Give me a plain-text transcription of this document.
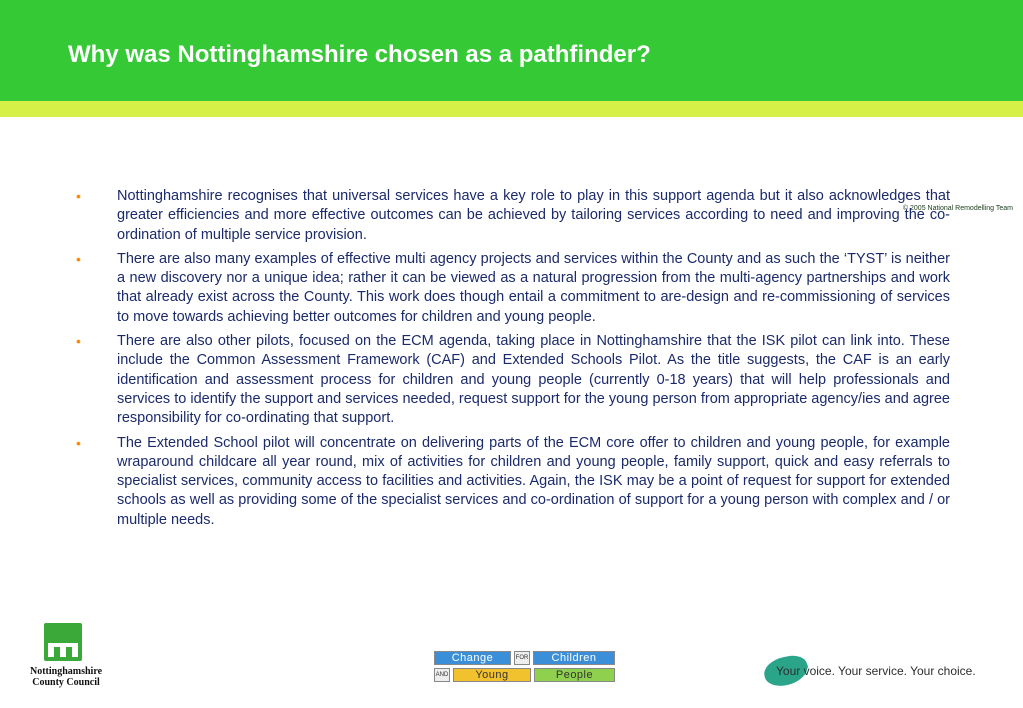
Why was Nottinghamshire chosen as a pathfinder?
© 2005 National Remodelling Team
• Nottinghamshire recognises that universal services have a key role to play in this support agenda but it also acknowledges that greater efficiencies and more effective outcomes can be achieved by tailoring services according to need and improving the co-ordination of multiple service provision.
• There are also many examples of effective multi agency projects and services within the County and as such the ‘TYST’ is neither a new discovery nor a unique idea; rather it can be viewed as a natural progression from the multi-agency partnerships and work that already exist across the County. This work does though entail a commitment to are-design and re-commissioning of services to move towards achieving better outcomes for children and young people.
• There are also other pilots, focused on the ECM agenda, taking place in Nottinghamshire that the ISK pilot can link into. These include the Common Assessment Framework (CAF) and Extended Schools Pilot. As the title suggests, the CAF is an early identification and assessment process for children and young people (currently 0-18 years) that will help professionals and services to identify the support and services needed, request support for the young person from appropriate agency/ies and agree responsibility for co-ordinating that support.
• The Extended School pilot will concentrate on delivering parts of the ECM core offer to children and young people, for example wraparound childcare all year round, mix of activities for children and young people, family support, quick and easy referrals to specialist services, community access to facilities and activities. Again, the ISK may be a point of request for support for extended schools as well as providing some of the specialist services and co-ordination of support for a young person with complex and / or multiple needs.
Nottinghamshire
County Council
Change	FOR	Children
AND	Young	People	Your voice. Your service. Your choice.
